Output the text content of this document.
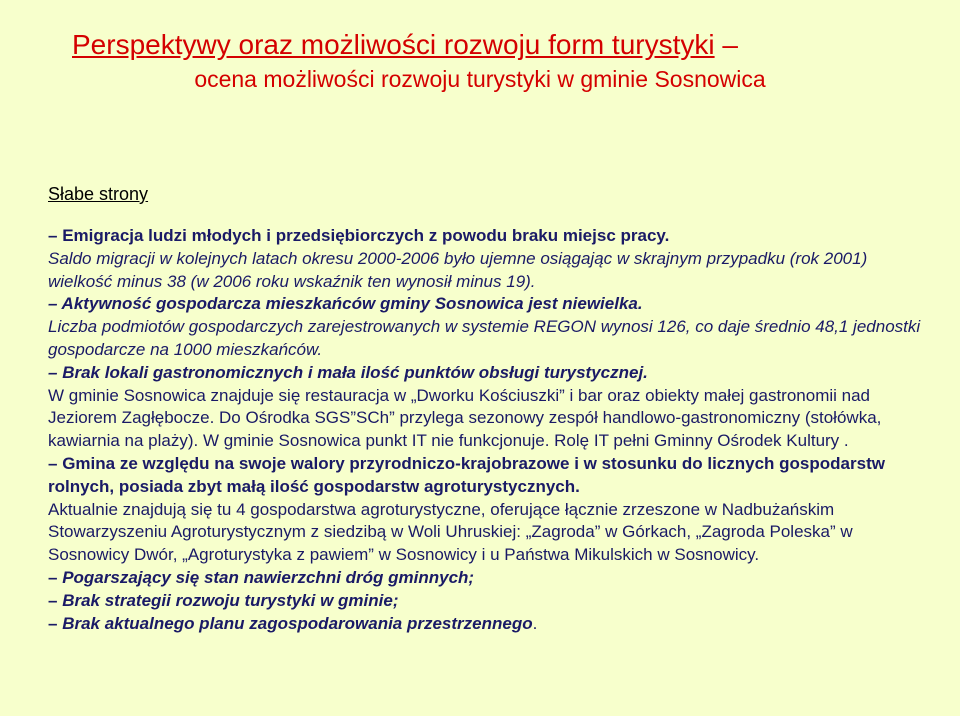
Perspektywy oraz możliwości rozwoju form turystyki –
ocena możliwości rozwoju turystyki w gminie Sosnowica
Słabe strony

– Emigracja ludzi młodych i przedsiębiorczych z powodu braku miejsc pracy.

Saldo migracji w kolejnych latach okresu 2000-2006 było ujemne osiągając w skrajnym przypadku (rok 2001) wielkość minus 38 (w 2006 roku wskaźnik ten wynosił minus 19).

– Aktywność gospodarcza mieszkańców gminy Sosnowica jest niewielka.

Liczba podmiotów gospodarczych zarejestrowanych w systemie REGON wynosi 126, co daje średnio 48,1 jednostki gospodarcze na 1000 mieszkańców.

– Brak lokali gastronomicznych i mała ilość punktów obsługi turystycznej.

W gminie Sosnowica znajduje się restauracja w „Dworku Kościuszki” i bar oraz obiekty małej gastronomii nad Jeziorem Zagłębocze. Do Ośrodka SGS”SCh” przylega sezonowy zespół handlowo-gastronomiczny (stołówka, kawiarnia na plaży). W gminie Sosnowica punkt IT nie funkcjonuje. Rolę IT pełni Gminny Ośrodek Kultury .

– Gmina ze względu na swoje walory przyrodniczo-krajobrazowe i w stosunku do licznych gospodarstw rolnych, posiada zbyt małą ilość gospodarstw agroturystycznych.

Aktualnie znajdują się tu 4 gospodarstwa agroturystyczne, oferujące łącznie zrzeszone w Nadbużańskim Stowarzyszeniu Agroturystycznym z siedzibą w Woli Uhruskiej: „Zagroda” w Górkach, „Zagroda Poleska” w Sosnowicy Dwór, „Agroturystyka z pawiem” w Sosnowicy i u Państwa Mikulskich w Sosnowicy.

– Pogarszający się stan nawierzchni dróg gminnych;

– Brak strategii rozwoju turystyki w gminie;

– Brak aktualnego planu zagospodarowania przestrzennego.
